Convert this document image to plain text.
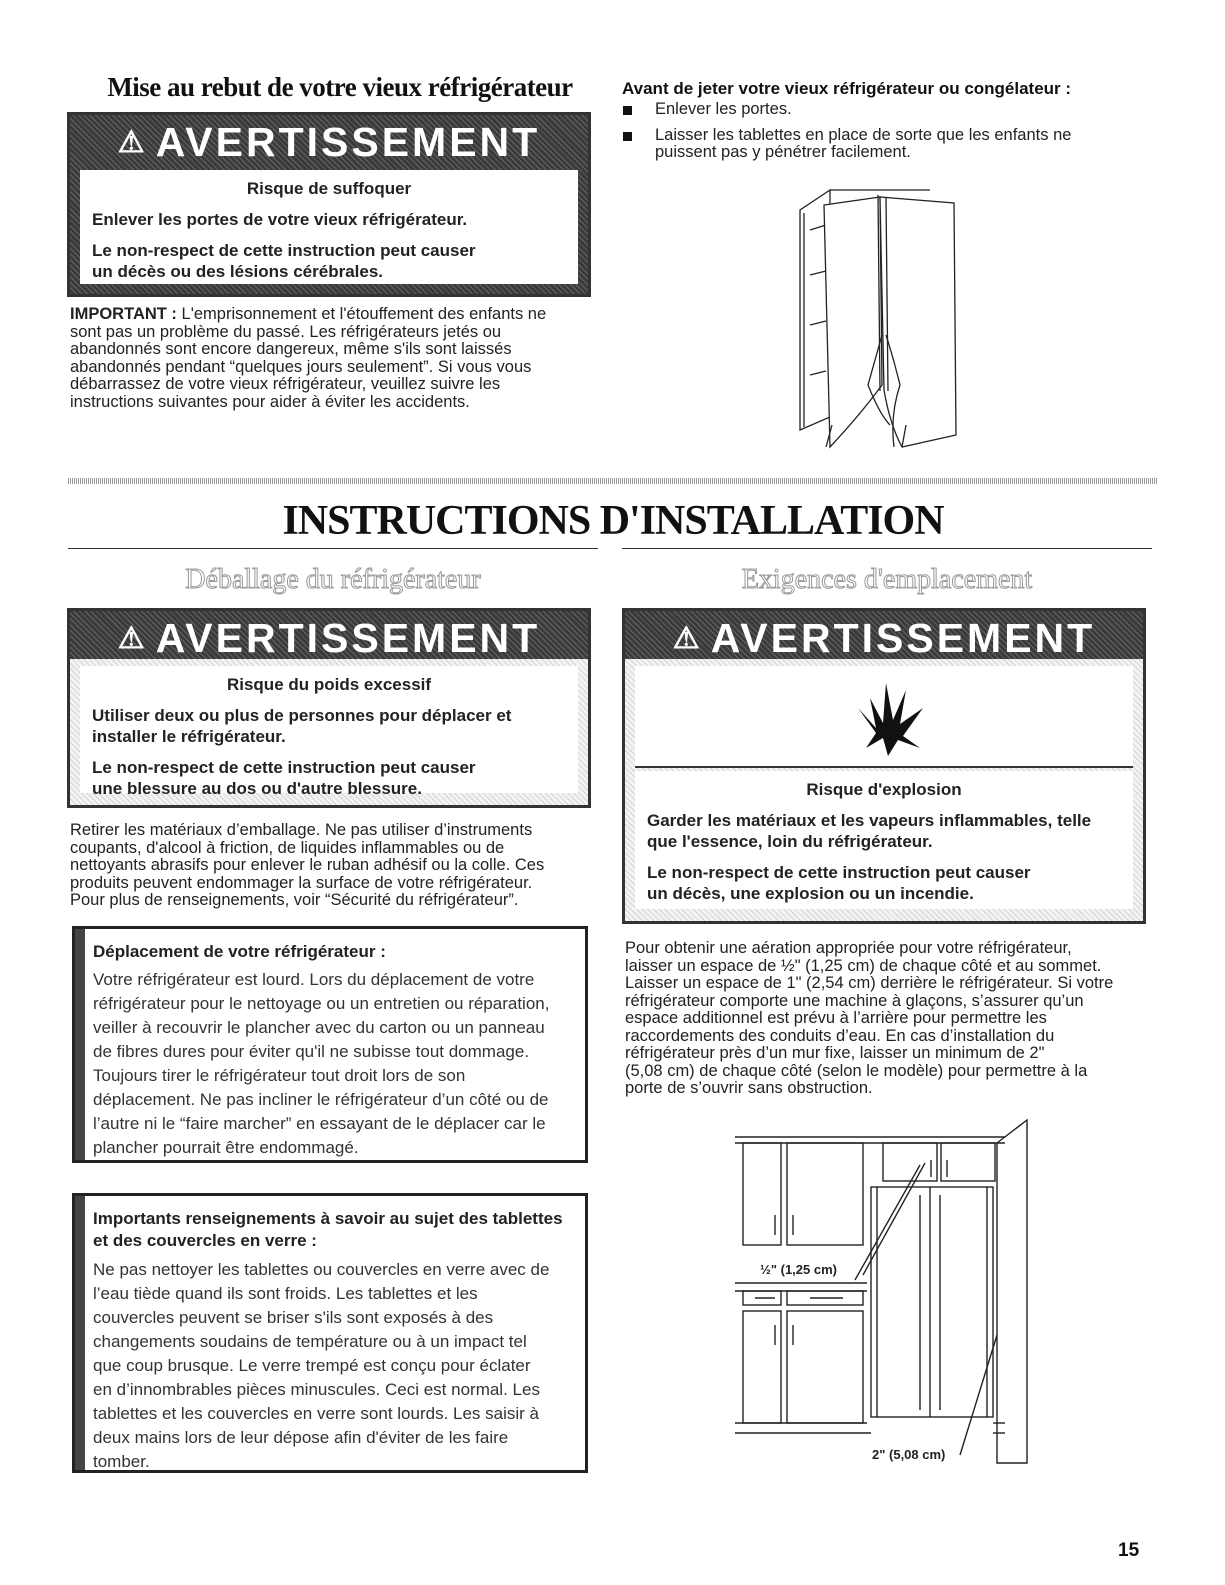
Mise au rebut de votre vieux réfrigérateur
⚠ AVERTISSEMENT
Risque de suffoquer

Enlever les portes de votre vieux réfrigérateur.

Le non-respect de cette instruction peut causer
un décès ou des lésions cérébrales.
IMPORTANT : L'emprisonnement et l'étouffement des enfants ne
sont pas un problème du passé. Les réfrigérateurs jetés ou
abandonnés sont encore dangereux, même s'ils sont laissés
abandonnés pendant “quelques jours seulement”. Si vous vous
débarrassez de votre vieux réfrigérateur, veuillez suivre les
instructions suivantes pour aider à éviter les accidents.
Avant de jeter votre vieux réfrigérateur ou congélateur :
Enlever les portes.
Laisser les tablettes en place de sorte que les enfants ne puissent pas y pénétrer facilement.
INSTRUCTIONS D'INSTALLATION
Déballage du réfrigérateur	Exigences d'emplacement
⚠ AVERTISSEMENT
Risque du poids excessif
Utiliser deux ou plus de personnes pour déplacer et

installer le réfrigérateur.

Le non-respect de cette instruction peut causer
une blessure au dos ou d'autre blessure.
Retirer les matériaux d’emballage. Ne pas utiliser d’instruments
coupants, d'alcool à friction, de liquides inflammables ou de
nettoyants abrasifs pour enlever le ruban adhésif ou la colle. Ces
produits peuvent endommager la surface de votre réfrigérateur.
Pour plus de renseignements, voir “Sécurité du réfrigérateur”.
Déplacement de votre réfrigérateur :
Votre réfrigérateur est lourd. Lors du déplacement de votre
réfrigérateur pour le nettoyage ou un entretien ou réparation,
veiller à recouvrir le plancher avec du carton ou un panneau
de fibres dures pour éviter qu'il ne subisse tout dommage.
Toujours tirer le réfrigérateur tout droit lors de son
déplacement. Ne pas incliner le réfrigérateur d’un côté ou de
l’autre ni le “faire marcher” en essayant de le déplacer car le
plancher pourrait être endommagé.
Importants renseignements à savoir au sujet des tablettes
et des couvercles en verre :
Ne pas nettoyer les tablettes ou couvercles en verre avec de
l’eau tiède quand ils sont froids. Les tablettes et les
couvercles peuvent se briser s'ils sont exposés à des
changements soudains de température ou à un impact tel
que coup brusque. Le verre trempé est conçu pour éclater
en d’innombrables pièces minuscules. Ceci est normal. Les
tablettes et les couvercles en verre sont lourds. Les saisir à
deux mains lors de leur dépose afin d'éviter de les faire
tomber.
⚠ AVERTISSEMENT
Risque d'explosion
Garder les matériaux et les vapeurs inflammables, telle

que l'essence, loin du réfrigérateur.

Le non-respect de cette instruction peut causer
un décès, une explosion ou un incendie.
Pour obtenir une aération appropriée pour votre réfrigérateur,
laisser un espace de ½" (1,25 cm) de chaque côté et au sommet.
Laisser un espace de 1" (2,54 cm) derrière le réfrigérateur. Si votre
réfrigérateur comporte une machine à glaçons, s’assurer qu’un
espace additionnel est prévu à l’arrière pour permettre les
raccordements des conduits d’eau. En cas d’installation du
réfrigérateur près d’un mur fixe, laisser un minimum de 2"
(5,08 cm) de chaque côté (selon le modèle) pour permettre à la
porte de s’ouvrir sans obstruction.
½" (1,25 cm)
2" (5,08 cm)
15
